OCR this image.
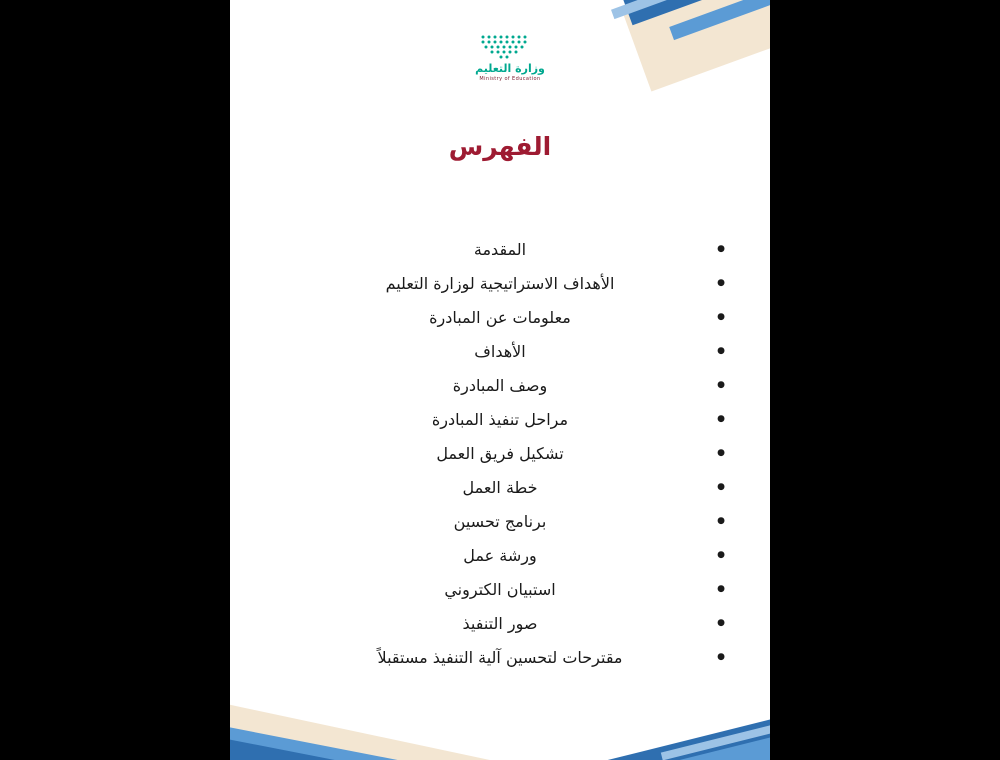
وزارة التعليم
Ministry of Education
الفهرس
●
المقدمة
●
الأهداف الاستراتيجية لوزارة التعليم
●
معلومات عن المبادرة
●
الأهداف
●
وصف المبادرة
●
مراحل تنفيذ المبادرة
●
تشكيل فريق العمل
●
خطة العمل
●
برنامج تحسين
●
ورشة عمل
●
استبيان الكتروني
●
صور التنفيذ
●
مقترحات لتحسين آلية التنفيذ مستقبلاً
